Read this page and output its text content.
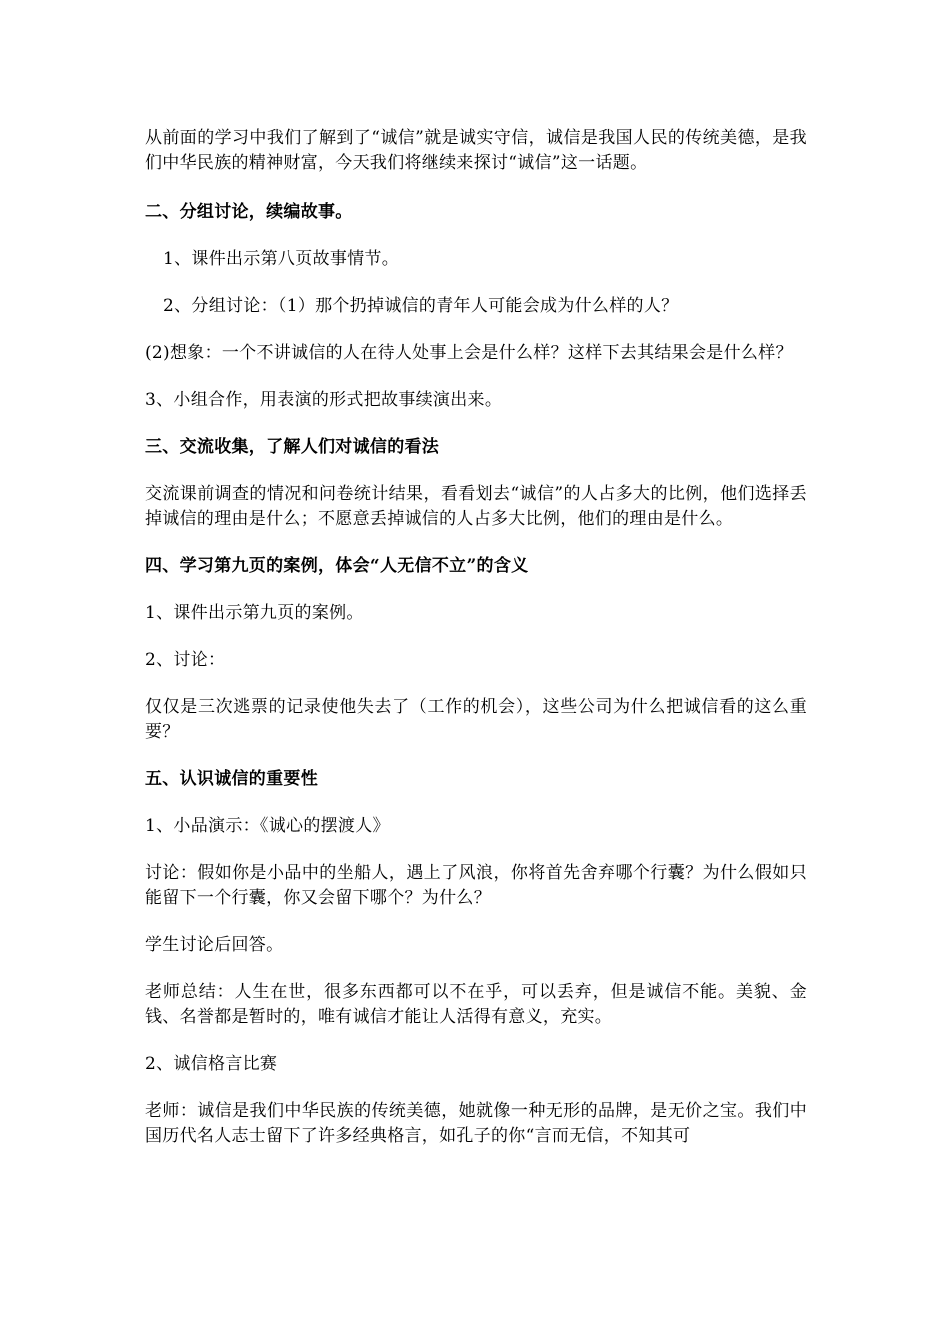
从前面的学习中我们了解到了“诚信”就是诚实守信，诚信是我国人民的传统美德，是我们中华民族的精神财富，今天我们将继续来探讨“诚信”这一话题。

二、分组讨论，续编故事。

1、课件出示第八页故事情节。

2、分组讨论：（1）那个扔掉诚信的青年人可能会成为什么样的人？

(2)想象：一个不讲诚信的人在待人处事上会是什么样？这样下去其结果会是什么样？

3、小组合作，用表演的形式把故事续演出来。

三、交流收集，了解人们对诚信的看法

交流课前调查的情况和问卷统计结果，看看划去“诚信”的人占多大的比例，他们选择丢掉诚信的理由是什么；不愿意丢掉诚信的人占多大比例，他们的理由是什么。

四、学习第九页的案例，体会“人无信不立”的含义

1、课件出示第九页的案例。

2、讨论：

仅仅是三次逃票的记录使他失去了（工作的机会），这些公司为什么把诚信看的这么重要？

五、认识诚信的重要性

1、小品演示：《诚心的摆渡人》

讨论：假如你是小品中的坐船人，遇上了风浪，你将首先舍弃哪个行囊？为什么假如只能留下一个行囊，你又会留下哪个？为什么？

学生讨论后回答。

老师总结：人生在世，很多东西都可以不在乎，可以丢弃，但是诚信不能。美貌、金钱、名誉都是暂时的，唯有诚信才能让人活得有意义，充实。

2、诚信格言比赛

老师：诚信是我们中华民族的传统美德，她就像一种无形的品牌，是无价之宝。我们中国历代名人志士留下了许多经典格言，如孔子的你“言而无信，不知其可
